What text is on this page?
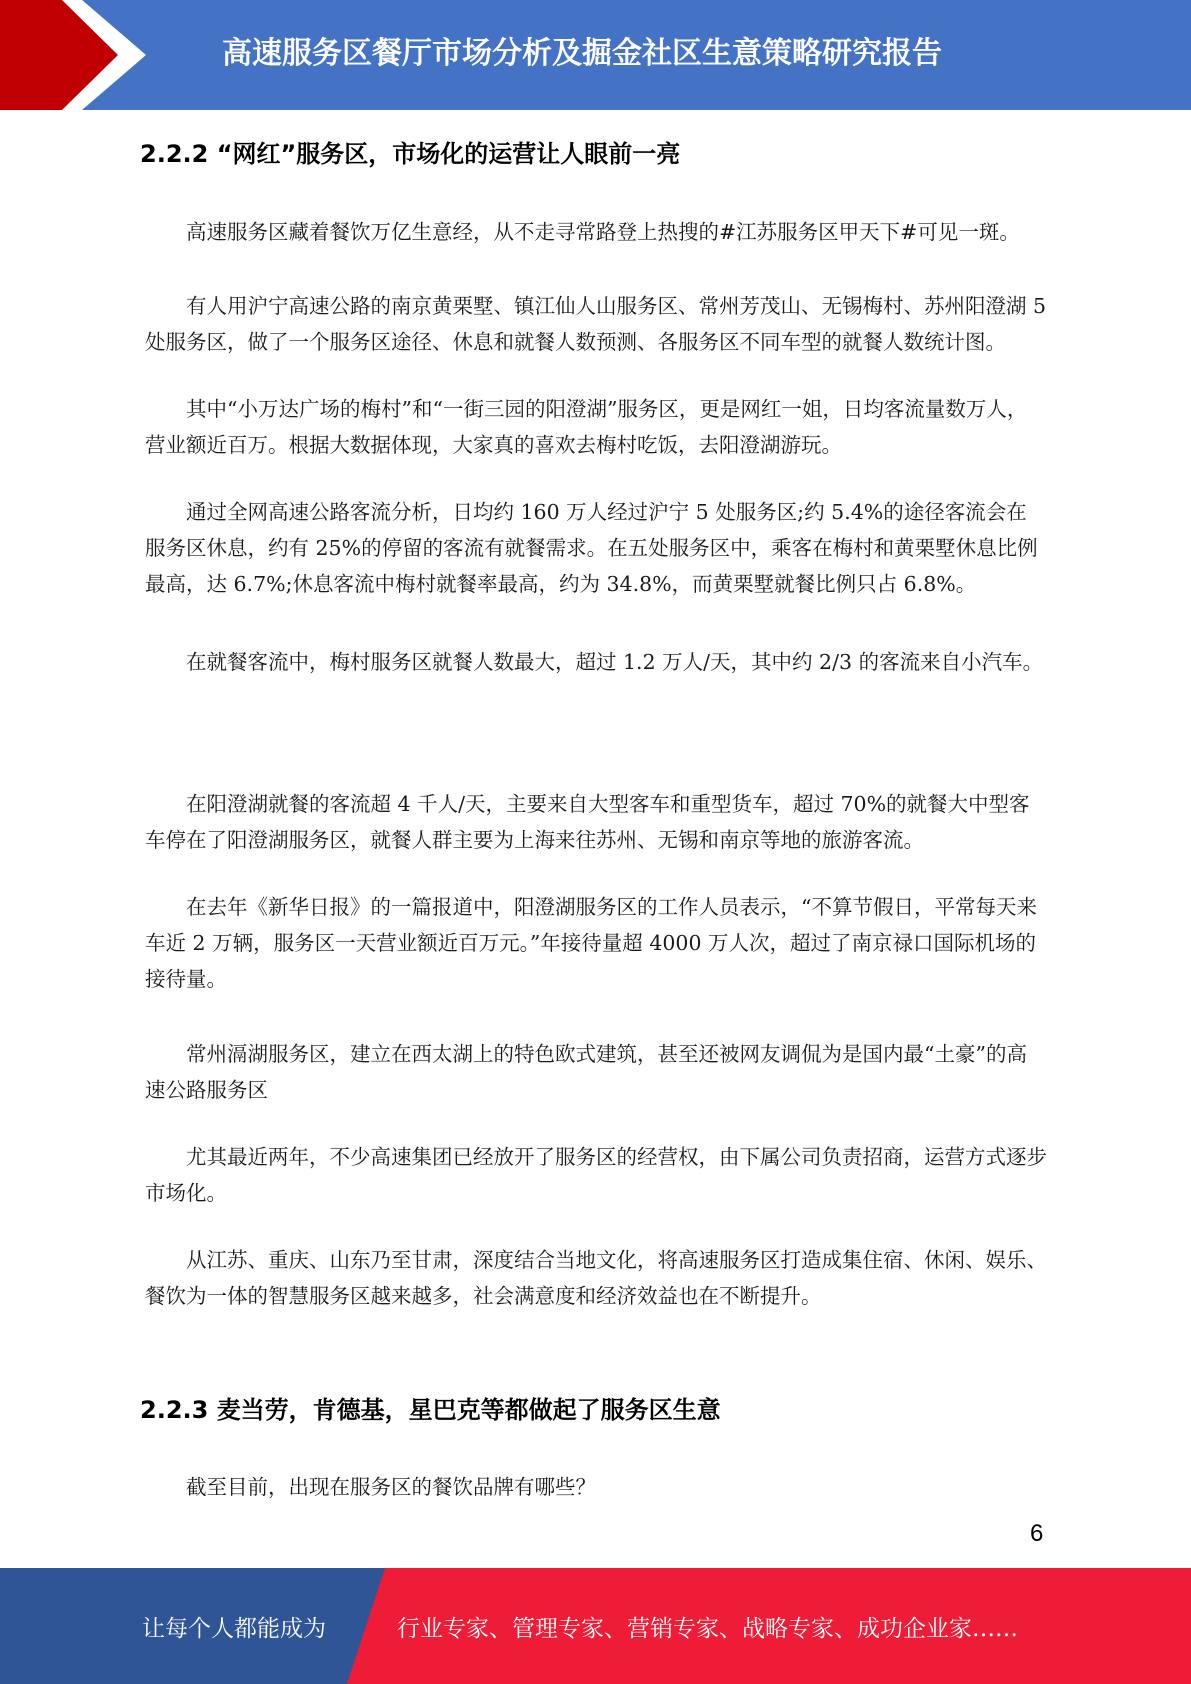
高速服务区餐厅市场分析及掘金社区生意策略研究报告
2.2.2 “网红”服务区，市场化的运营让人眼前一亮

高速服务区藏着餐饮万亿生意经，从不走寻常路登上热搜的#江苏服务区甲天下#可见一斑。

有人用沪宁高速公路的南京黄栗墅、镇江仙人山服务区、常州芳茂山、无锡梅村、苏州阳澄湖 5 处服务区，做了一个服务区途径、休息和就餐人数预测、各服务区不同车型的就餐人数统计图。

其中“小万达广场的梅村”和“一街三园的阳澄湖”服务区，更是网红一姐，日均客流量数万人，营业额近百万。根据大数据体现，大家真的喜欢去梅村吃饭，去阳澄湖游玩。

通过全网高速公路客流分析，日均约 160 万人经过沪宁 5 处服务区;约 5.4%的途径客流会在服务区休息，约有 25%的停留的客流有就餐需求。在五处服务区中，乘客在梅村和黄栗墅休息比例最高，达 6.7%;休息客流中梅村就餐率最高，约为 34.8%，而黄栗墅就餐比例只占 6.8%。

在就餐客流中，梅村服务区就餐人数最大，超过 1.2 万人/天，其中约 2/3 的客流来自小汽车。

在阳澄湖就餐的客流超 4 千人/天，主要来自大型客车和重型货车，超过 70%的就餐大中型客车停在了阳澄湖服务区，就餐人群主要为上海来往苏州、无锡和南京等地的旅游客流。

在去年《新华日报》的一篇报道中，阳澄湖服务区的工作人员表示，“不算节假日，平常每天来车近 2 万辆，服务区一天营业额近百万元。”年接待量超 4000 万人次，超过了南京禄口国际机场的接待量。

常州滆湖服务区，建立在西太湖上的特色欧式建筑，甚至还被网友调侃为是国内最“土豪”的高速公路服务区

尤其最近两年，不少高速集团已经放开了服务区的经营权，由下属公司负责招商，运营方式逐步市场化。

从江苏、重庆、山东乃至甘肃，深度结合当地文化，将高速服务区打造成集住宿、休闲、娱乐、餐饮为一体的智慧服务区越来越多，社会满意度和经济效益也在不断提升。

2.2.3 麦当劳，肯德基，星巴克等都做起了服务区生意

截至目前，出现在服务区的餐饮品牌有哪些？

6
让每个人都能成为	行业专家、管理专家、营销专家、战略专家、成功企业家……
